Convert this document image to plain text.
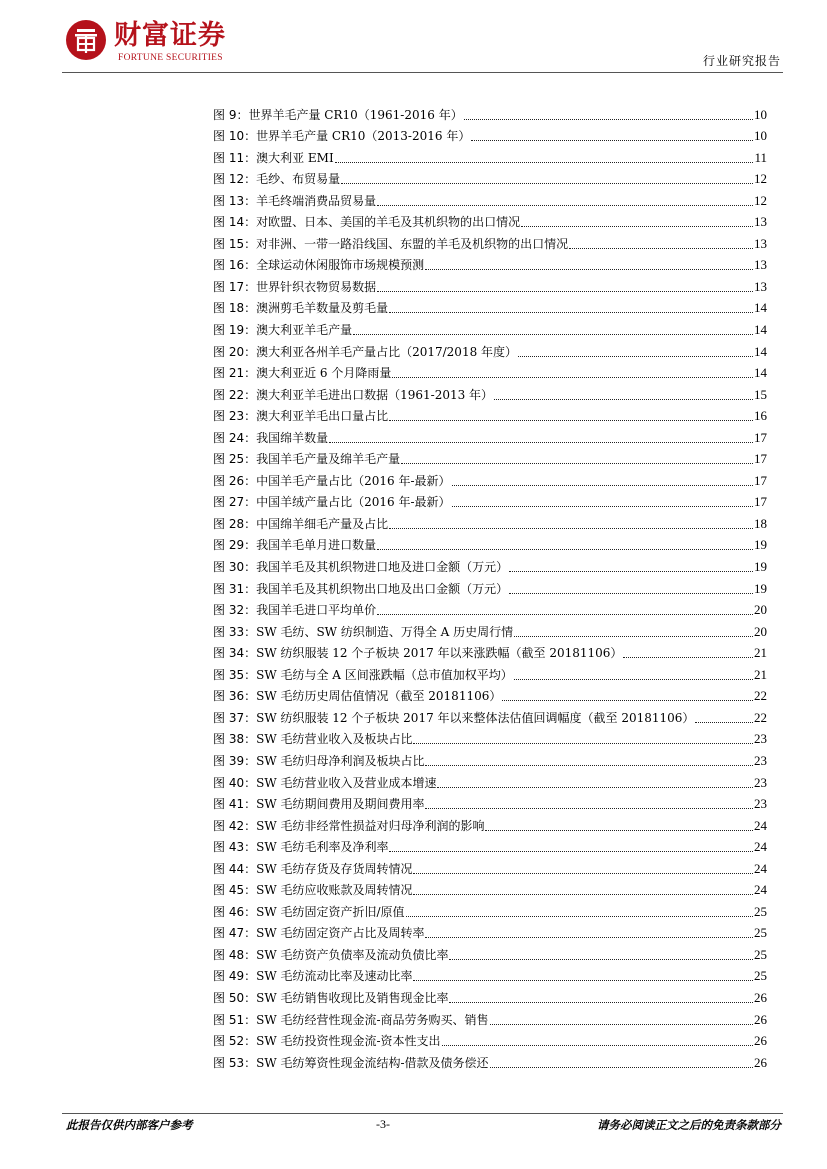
财富证券
FORTUNE SECURITIES	行业研究报告
图 9： 世界羊毛产量 CR10（1961-2016 年）	10
图 10： 世界羊毛产量 CR10（2013-2016 年）	10
图 11： 澳大利亚 EMI	11
图 12： 毛纱、布贸易量	12
图 13： 羊毛终端消费品贸易量	12
图 14： 对欧盟、日本、美国的羊毛及其机织物的出口情况	13
图 15： 对非洲、一带一路沿线国、东盟的羊毛及机织物的出口情况	13
图 16： 全球运动休闲服饰市场规模预测	13
图 17： 世界针织衣物贸易数据	13
图 18： 澳洲剪毛羊数量及剪毛量	14
图 19： 澳大利亚羊毛产量	14
图 20： 澳大利亚各州羊毛产量占比（2017/2018 年度）	14
图 21： 澳大利亚近 6 个月降雨量	14
图 22： 澳大利亚羊毛进出口数据（1961-2013 年）	15
图 23： 澳大利亚羊毛出口量占比	16
图 24： 我国绵羊数量	17
图 25： 我国羊毛产量及绵羊毛产量	17
图 26： 中国羊毛产量占比（2016 年-最新）	17
图 27： 中国羊绒产量占比（2016 年-最新）	17
图 28： 中国绵羊细毛产量及占比	18
图 29： 我国羊毛单月进口数量	19
图 30： 我国羊毛及其机织物进口地及进口金额（万元）	19
图 31： 我国羊毛及其机织物出口地及出口金额（万元）	19
图 32： 我国羊毛进口平均单价	20
图 33： SW 毛纺、SW 纺织制造、万得全 A 历史周行情	20
图 34： SW 纺织服装 12 个子板块 2017 年以来涨跌幅（截至 20181106）	21
图 35： SW 毛纺与全 A 区间涨跌幅（总市值加权平均）	21
图 36： SW 毛纺历史周估值情况（截至 20181106）	22
图 37： SW 纺织服装 12 个子板块 2017 年以来整体法估值回调幅度（截至 20181106）	22
图 38： SW 毛纺营业收入及板块占比	23
图 39： SW 毛纺归母净利润及板块占比	23
图 40： SW 毛纺营业收入及营业成本增速	23
图 41： SW 毛纺期间费用及期间费用率	23
图 42： SW 毛纺非经常性损益对归母净利润的影响	24
图 43： SW 毛纺毛利率及净利率	24
图 44： SW 毛纺存货及存货周转情况	24
图 45： SW 毛纺应收账款及周转情况	24
图 46： SW 毛纺固定资产折旧/原值	25
图 47： SW 毛纺固定资产占比及周转率	25
图 48： SW 毛纺资产负债率及流动负债比率	25
图 49： SW 毛纺流动比率及速动比率	25
图 50： SW 毛纺销售收现比及销售现金比率	26
图 51： SW 毛纺经营性现金流-商品劳务购买、销售	26
图 52： SW 毛纺投资性现金流-资本性支出	26
图 53： SW 毛纺筹资性现金流结构-借款及债务偿还	26
此报告仅供内部客户参考	-3-	请务必阅读正文之后的免责条款部分
